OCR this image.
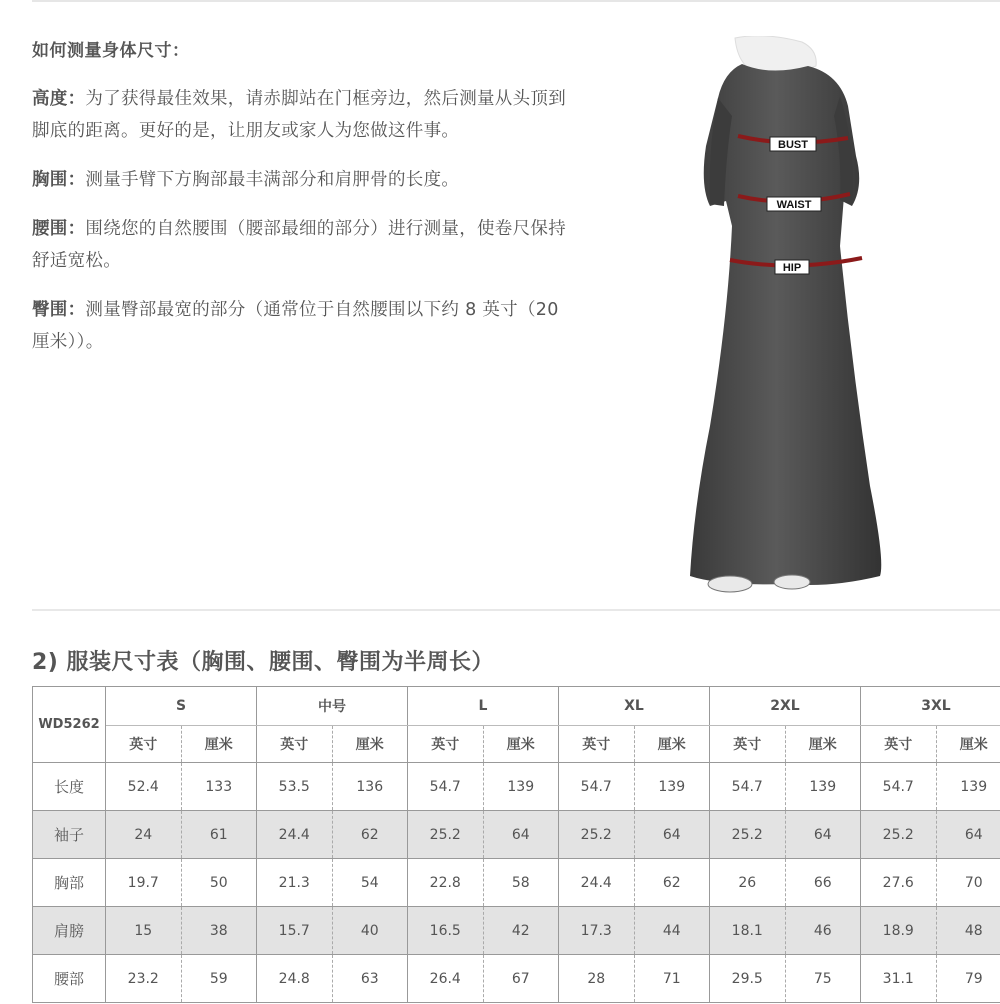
如何测量身体尺寸：

高度：为了获得最佳效果，请赤脚站在门框旁边，然后测量从头顶到脚底的距离。更好的是，让朋友或家人为您做这件事。

胸围：测量手臂下方胸部最丰满部分和肩胛骨的长度。

腰围：围绕您的自然腰围（腰部最细的部分）进行测量，使卷尺保持舒适宽松。

臀围：测量臀部最宽的部分（通常位于自然腰围以下约 8 英寸（20 厘米））。

BUST
WAIST
HIP
2) 服装尺寸表（胸围、腰围、臀围为半周长）
WD5262	S		中号		L		XL		2XL		3XL	
	英寸	厘米	英寸	厘米	英寸	厘米	英寸	厘米	英寸	厘米	英寸	厘米
长度	52.4	133	53.5	136	54.7	139	54.7	139	54.7	139	54.7	139
袖子	24	61	24.4	62	25.2	64	25.2	64	25.2	64	25.2	64
胸部	19.7	50	21.3	54	22.8	58	24.4	62	26	66	27.6	70
肩膀	15	38	15.7	40	16.5	42	17.3	44	18.1	46	18.9	48
腰部	23.2	59	24.8	63	26.4	67	28	71	29.5	75	31.1	79
